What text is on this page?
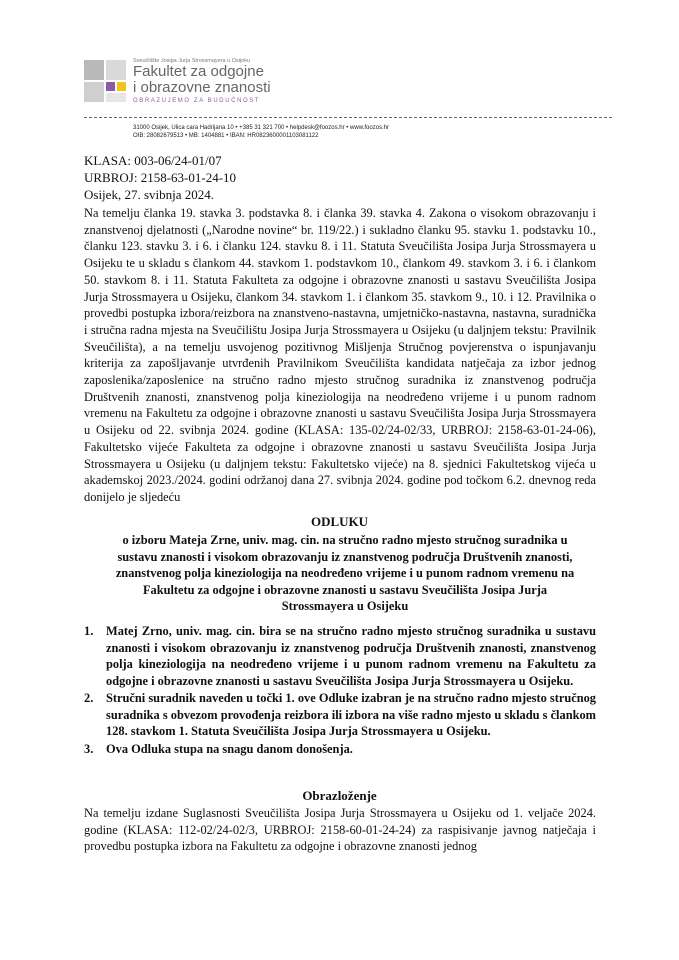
Sveučilište Josipa Jurja Strossmayera u Osijeku
Fakultet za odgojne
i obrazovne znanosti
OBRAZUJEMO ZA BUDUĆNOST
31000 Osijek, Ulica cara Hadrijana 10 • +385 31 321 700 • helpdesk@foozos.hr • www.foozos.hr
OIB: 28082679513 • MB: 1404881 • IBAN: HR0823600001103081122
KLASA: 003-06/24-01/07
URBROJ: 2158-63-01-24-10
Osijek, 27. svibnja 2024.
Na temelju članka 19. stavka 3. podstavka 8. i članka 39. stavka 4. Zakona o visokom obrazovanju i znanstvenoj djelatnosti („Narodne novine“ br. 119/22.) i sukladno članku 95. stavku 1. podstavku 10., članku 123. stavku 3. i 6. i članku 124. stavku 8. i 11. Statuta Sveučilišta Josipa Jurja Strossmayera u Osijeku te u skladu s člankom 44. stavkom 1. podstavkom 10., člankom 49. stavkom 3. i 6. i člankom 50. stavkom 8. i 11. Statuta Fakulteta za odgojne i obrazovne znanosti u sastavu Sveučilišta Josipa Jurja Strossmayera u Osijeku, člankom 34. stavkom 1. i člankom 35. stavkom 9., 10. i 12. Pravilnika o provedbi postupka izbora/reizbora na znanstveno-nastavna, umjetničko-nastavna, nastavna, suradnička i stručna radna mjesta na Sveučilištu Josipa Jurja Strossmayera u Osijeku (u daljnjem tekstu: Pravilnik Sveučilišta), a na temelju usvojenog pozitivnog Mišljenja Stručnog povjerenstva o ispunjavanju kriterija za zapošljavanje utvrđenih Pravilnikom Sveučilišta kandidata natječaja za izbor jednog zaposlenika/zaposlenice na stručno radno mjesto stručnog suradnika iz znanstvenog područja Društvenih znanosti, znanstvenog polja kineziologija na neodređeno vrijeme i u punom radnom vremenu na Fakultetu za odgojne i obrazovne znanosti u sastavu Sveučilišta Josipa Jurja Strossmayera u Osijeku od 22. svibnja 2024. godine (KLASA: 135-02/24-02/33, URBROJ: 2158-63-01-24-06), Fakultetsko vijeće Fakulteta za odgojne i obrazovne znanosti u sastavu Sveučilišta Josipa Jurja Strossmayera u Osijeku (u daljnjem tekstu: Fakultetsko vijeće) na 8. sjednici Fakultetskog vijeća u akademskoj 2023./2024. godini održanoj dana 27. svibnja 2024. godine pod točkom 6.2. dnevnog reda donijelo je sljedeću
ODLUKU
o izboru Mateja Zrne, univ. mag. cin. na stručno radno mjesto stručnog suradnika u sustavu znanosti i visokom obrazovanju iz znanstvenog područja Društvenih znanosti, znanstvenog polja kineziologija na neodređeno vrijeme i u punom radnom vremenu na Fakultetu za odgojne i obrazovne znanosti u sastavu Sveučilišta Josipa Jurja Strossmayera u Osijeku
1. Matej Zrno, univ. mag. cin. bira se na stručno radno mjesto stručnog suradnika u sustavu znanosti i visokom obrazovanju iz znanstvenog područja Društvenih znanosti, znanstvenog polja kineziologija na neodređeno vrijeme i u punom radnom vremenu na Fakultetu za odgojne i obrazovne znanosti u sastavu Sveučilišta Josipa Jurja Strossmayera u Osijeku.
2. Stručni suradnik naveden u točki 1. ove Odluke izabran je na stručno radno mjesto stručnog suradnika s obvezom provođenja reizbora ili izbora na više radno mjesto u skladu s člankom 128. stavkom 1. Statuta Sveučilišta Josipa Jurja Strossmayera u Osijeku.
3. Ova Odluka stupa na snagu danom donošenja.
Obrazloženje
Na temelju izdane Suglasnosti Sveučilišta Josipa Jurja Strossmayera u Osijeku od 1. veljače 2024. godine (KLASA: 112-02/24-02/3, URBROJ: 2158-60-01-24-24) za raspisivanje javnog natječaja i provedbu postupka izbora na Fakultetu za odgojne i obrazovne znanosti jednog
